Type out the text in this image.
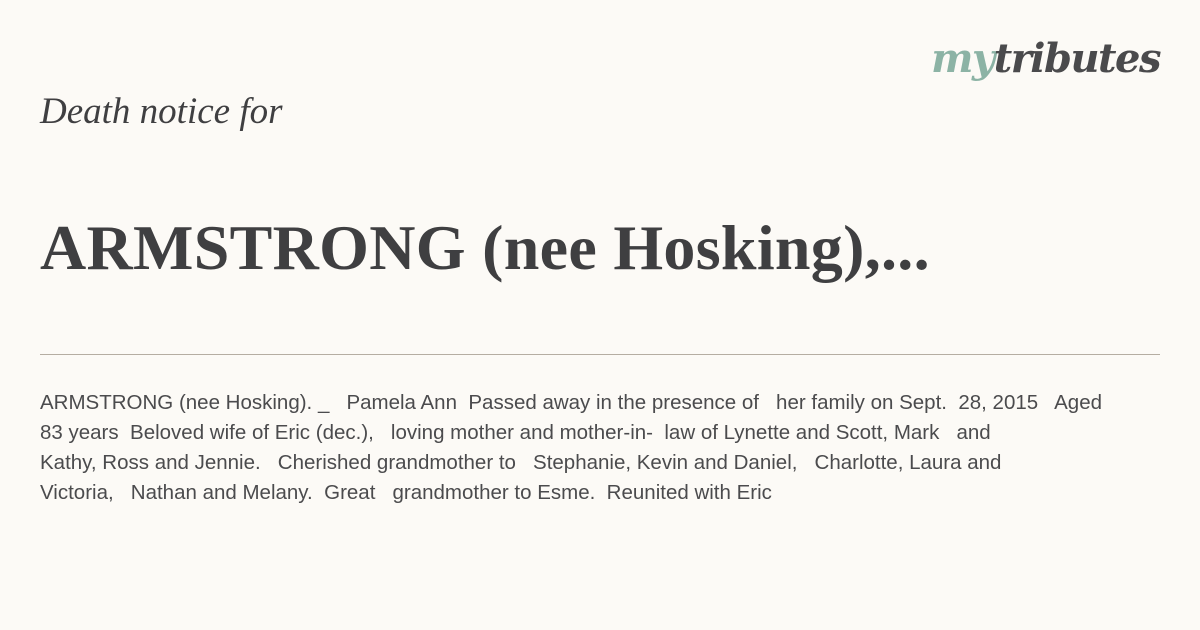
mytributes
Death notice for
ARMSTRONG (nee Hosking),...
ARMSTRONG (nee Hosking). _   Pamela Ann  Passed away in the presence of   her family on Sept.  28, 2015   Aged
83 years  Beloved wife of Eric (dec.),   loving mother and mother-in-  law of Lynette and Scott, Mark   and
Kathy, Ross and Jennie.   Cherished grandmother to   Stephanie, Kevin and Daniel,   Charlotte, Laura and
Victoria,   Nathan and Melany.  Great   grandmother to Esme.  Reunited with Eric
